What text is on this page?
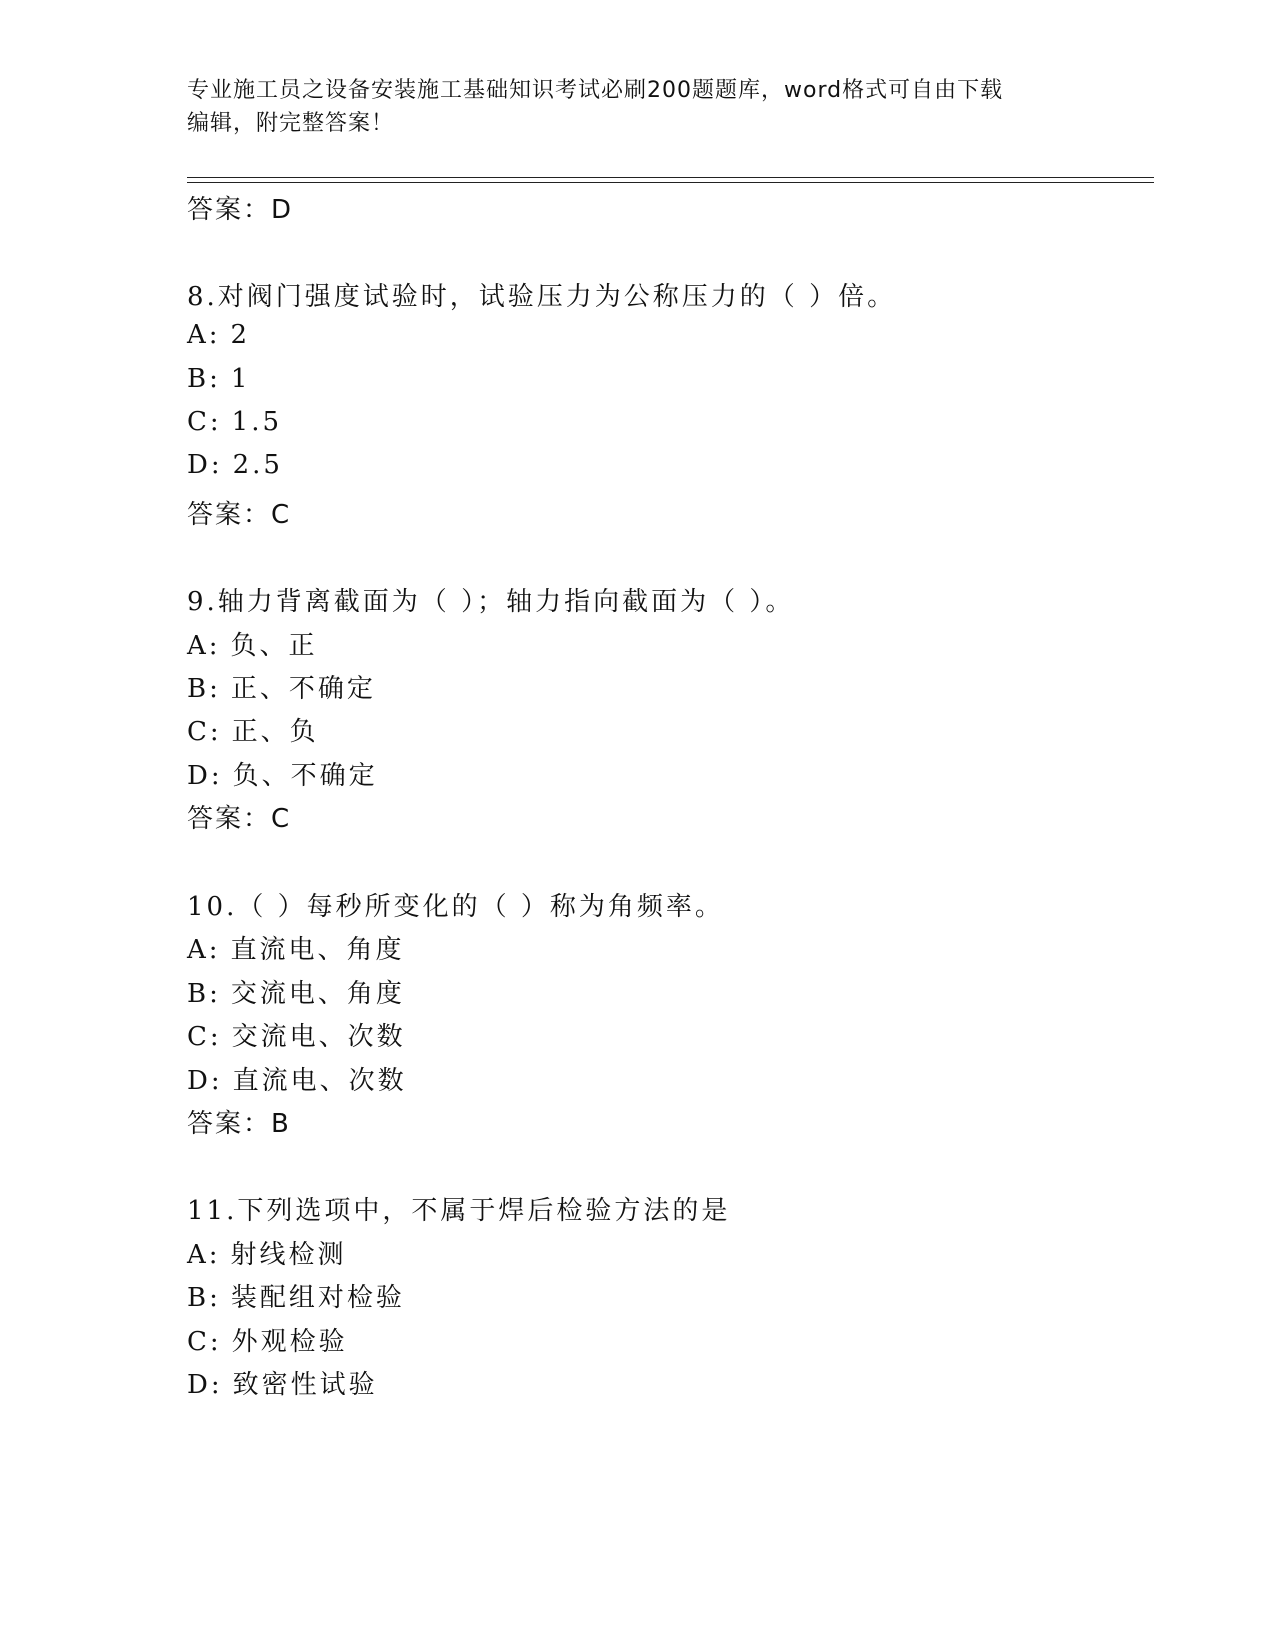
专业施工员之设备安装施工基础知识考试必刷200题题库，word格式可自由下载
编辑，附完整答案！
答案：D
8.对阀门强度试验时，试验压力为公称压力的（ ）倍。
A: 2
B: 1
C: 1.5
D: 2.5
答案：C
9.轴力背离截面为（ ）；轴力指向截面为（ ）。
A: 负、正
B: 正、不确定
C: 正、负
D: 负、不确定
答案：C
10.（ ）每秒所变化的（ ）称为角频率。
A: 直流电、角度
B: 交流电、角度
C: 交流电、次数
D: 直流电、次数
答案：B
11.下列选项中，不属于焊后检验方法的是
A: 射线检测
B: 装配组对检验
C: 外观检验
D: 致密性试验
